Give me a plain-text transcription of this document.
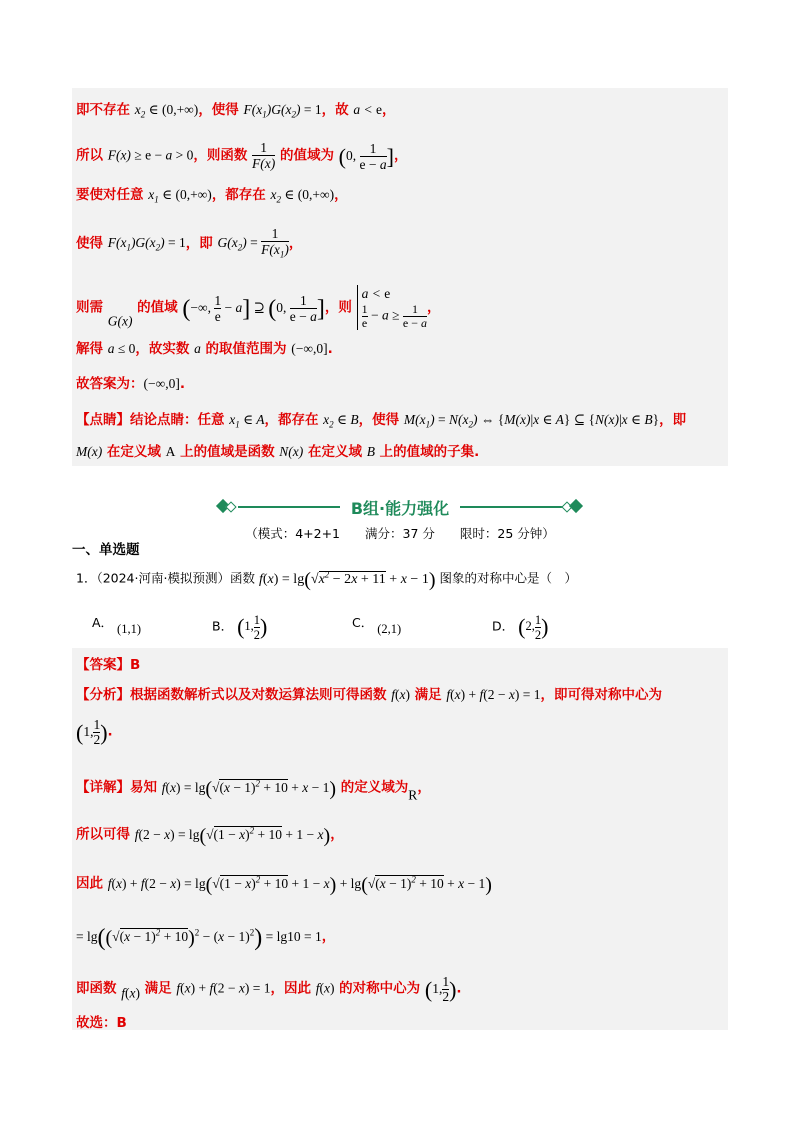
即不存在 $x_2$ ∈ (0,+∞)，使得 $F(x_1)G(x_2) = 1$，故 a < e，
所以 F(x) ≥ e − a > 0，则函数 $\frac{1}{F(x)}$ 的值域为 (0, $\frac{1}{e - a}$ ]，
要使对任意 $x_1$ ∈ (0,+∞)，都存在 $x_2$ ∈ (0,+∞)，
使得 $F(x_1)G(x_2) = 1$，即 $G(x_2) = \frac{1}{F(x_1)}$ ，
则需 G(x) 的值域 (−∞, $\frac{1}{e} - a$] ⊇ (0, $\frac{1}{e - a}$ ]，则 a < e
$\frac{1}{e} - a \ge \frac{1}{e - a}$ ，
解得 a ≤ 0，故实数 a 的取值范围为 (−∞,0].
故答案为：(−∞,0].
【点睛】结论点睛：任意 $x_1$ ∈ A，都存在 $x_2$ ∈ B，使得 $M(x_1) = N(x_2)$ ⇔ {M(x)|x ∈ A} ⊆ {N(x)|x ∈ B}，即
M(x) 在定义域 A 上的值域是函数 N(x) 在定义域 B 上的值域的子集.
B组·能力强化
（模式：4+2+1　　满分：37 分　　限时：25 分钟）
一、单选题
1．（2024·河南·模拟预测）函数 $f(x) = \lg(√x^2 - 2x + 11 + x - 1)$ 图象的对称中心是（　）
A． (1,1)	B． ($1,\frac{1}{2}$ )	C． (2,1)	D． ($2,\frac{1}{2}$ )
【答案】B
【分析】根据函数解析式以及对数运算法则可得函数 f(x) 满足 f(x) + f(2 − x) = 1，即可得对称中心为
($1,\frac{1}{2}$ ).
【详解】易知 $f(x) = \lg(√(x - 1)^2 + 10 + x - 1)$ 的定义域为R，
所以可得 $f(2 - x) = \lg(√(1 - x)^2 + 10 + 1 - x)$，
因此 $f(x) + f(2 - x) = \lg(√(1 - x)^2 + 10 + 1 - x) + \lg(√(x - 1)^2 + 10 + x - 1)$
= $\lg((√(x - 1)^2 + 10)^2 - (x - 1)^2) = \lg 10 = 1$，
即函数 f(x) 满足 f(x) + f(2 − x) = 1，因此 f(x) 的对称中心为 ($1,\frac{1}{2}$ ).
故选：B
